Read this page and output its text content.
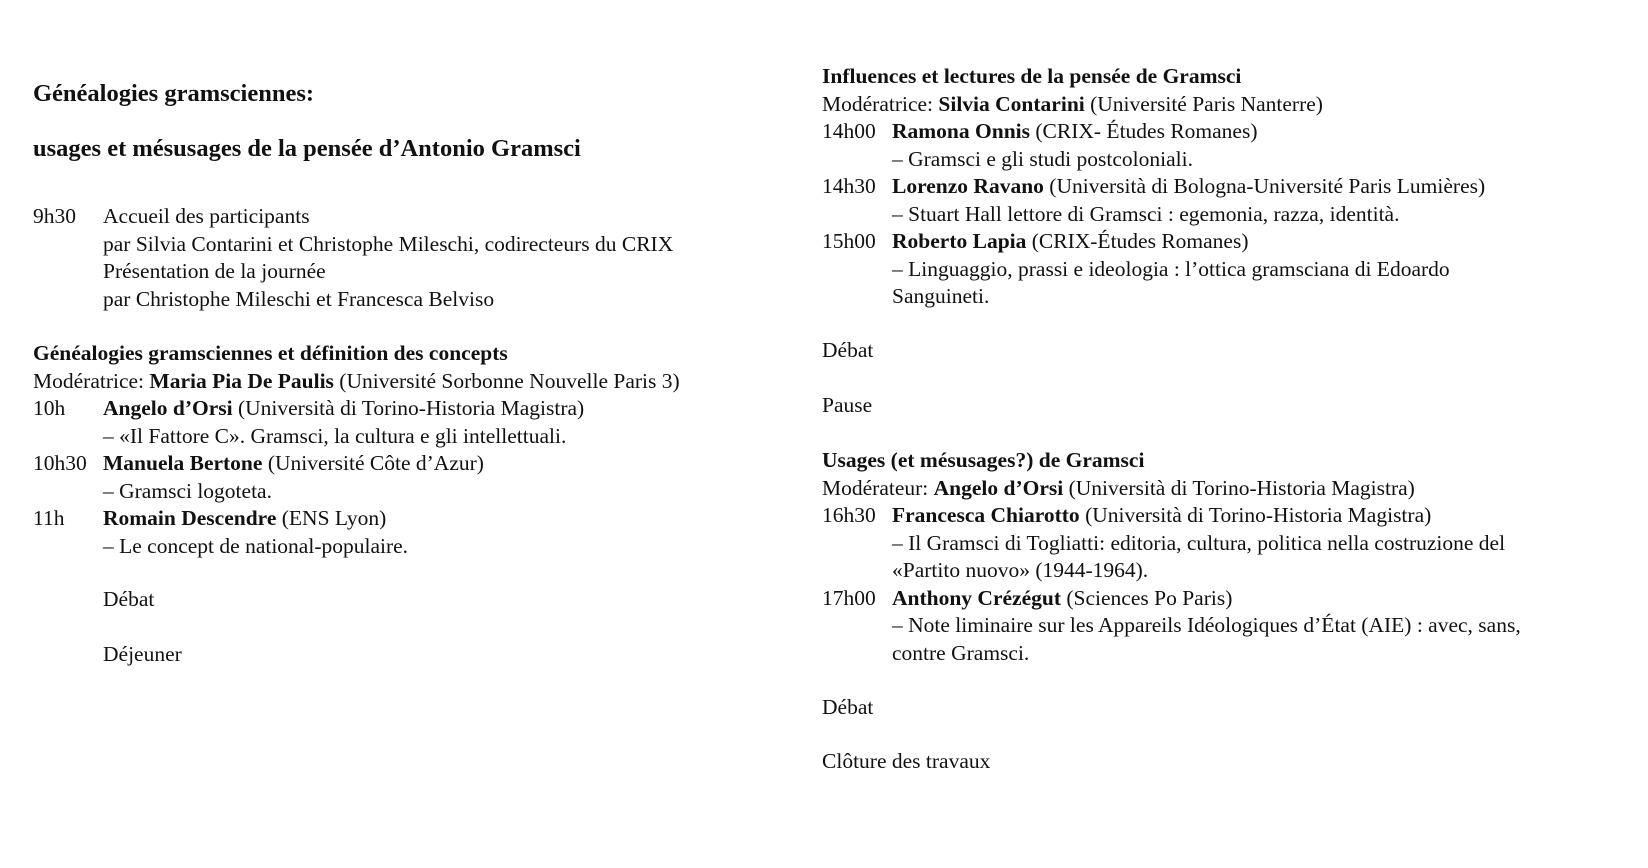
Généalogies gramsciennes:
usages et mésusages de la pensée d’Antonio Gramsci
9h30	Accueil des participants
par Silvia Contarini et Christophe Mileschi, codirecteurs du CRIX
Présentation de la journée
par Christophe Mileschi et Francesca Belviso
Généalogies gramsciennes et définition des concepts
Modératrice: Maria Pia De Paulis (Université Sorbonne Nouvelle Paris 3)
10h	Angelo d’Orsi (Università di Torino-Historia Magistra)
– «Il Fattore C». Gramsci, la cultura e gli intellettuali.
10h30 Manuela Bertone (Université Côte d’Azur)
– Gramsci logoteta.
11h	Romain Descendre (ENS Lyon)
– Le concept de national-populaire.
Débat
Déjeuner
Influences et lectures de la pensée de Gramsci
Modératrice: Silvia Contarini (Université Paris Nanterre)
14h00 Ramona Onnis (CRIX- Études Romanes)
– Gramsci e gli studi postcoloniali.
14h30 Lorenzo Ravano (Università di Bologna-Université Paris Lumières)
– Stuart Hall lettore di Gramsci : egemonia, razza, identità.
15h00 Roberto Lapia (CRIX-Études Romanes)
– Linguaggio, prassi e ideologia : l’ottica gramsciana di Edoardo Sanguineti.
Débat
Pause
Usages (et mésusages?) de Gramsci
Modérateur: Angelo d’Orsi (Università di Torino-Historia Magistra)
16h30 Francesca Chiarotto (Università di Torino-Historia Magistra)
– Il Gramsci di Togliatti: editoria, cultura, politica nella costruzione del «Partito nuovo» (1944-1964).
17h00 Anthony Crézégut (Sciences Po Paris)
– Note liminaire sur les Appareils Idéologiques d’État (AIE) : avec, sans, contre Gramsci.
Débat
Clôture des travaux
